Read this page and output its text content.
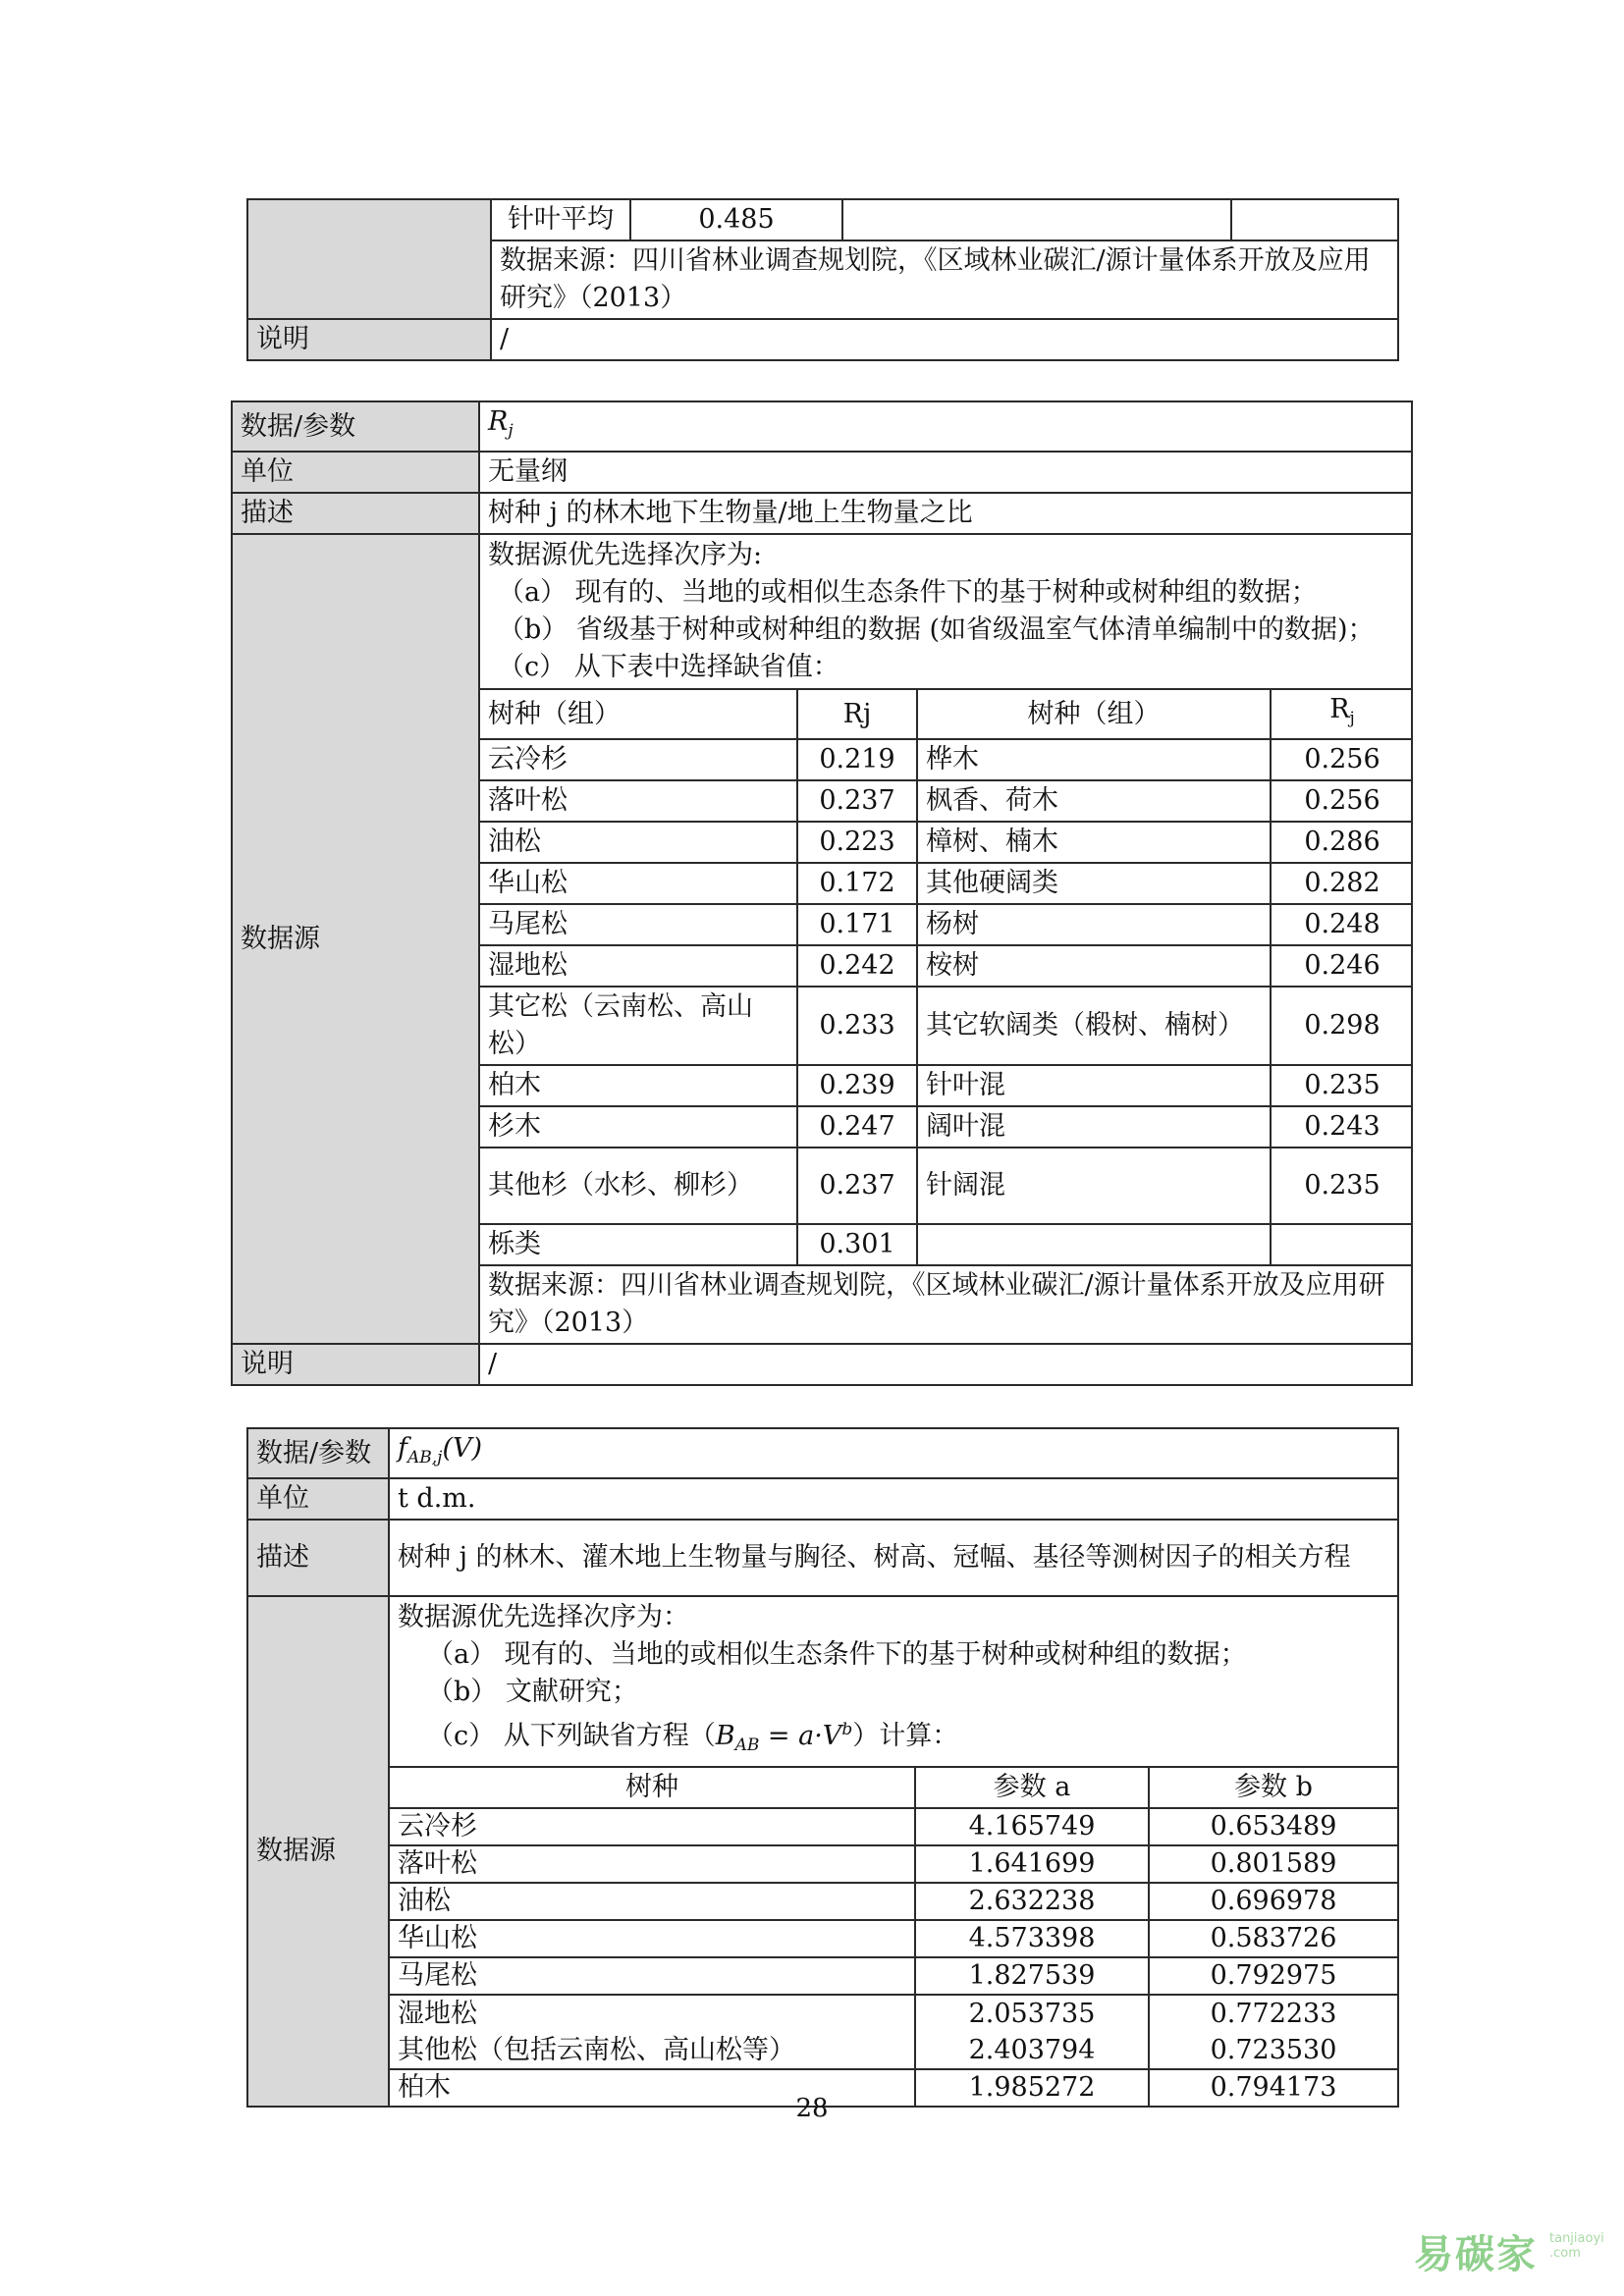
	针叶平均	0.485		
	数据来源：四川省林业调查规划院，《区域林业碳汇/源计量体系开放及应用研究》（2013）			
说明	/			
数据/参数	$R_j$
单位	无量纲
描述	树种 j 的林木地下生物量/地上生物量之比
数据源	
数据源优先选择次序为:
（a） 现有的、当地的或相似生态条件下的基于树种或树种组的数据；
（b） 省级基于树种或树种组的数据 (如省级温室气体清单编制中的数据)；
（c） 从下表中选择缺省值：
树种（组）	Rj	树种（组）	$R_j$
云冷杉	0.219	桦木	0.256
落叶松	0.237	枫香、荷木	0.256
油松	0.223	樟树、楠木	0.286
华山松	0.172	其他硬阔类	0.282
马尾松	0.171	杨树	0.248
湿地松	0.242	桉树	0.246
其它松（云南松、高山松）	0.233	其它软阔类（椴树、楠树）	0.298
柏木	0.239	针叶混	0.235
杉木	0.247	阔叶混	0.243
其他杉（水杉、柳杉）	0.237	针阔混	0.235
栎类	0.301		
数据来源：四川省林业调查规划院，《区域林业碳汇/源计量体系开放及应用研究》（2013）

说明	/
数据/参数	$f_{AB,j}(V)$
单位	t d.m.
描述	树种 j 的林木、灌木地上生物量与胸径、树高、冠幅、基径等测树因子的相关方程
数据源	
数据源优先选择次序为：
（a） 现有的、当地的或相似生态条件下的基于树种或树种组的数据；
（b） 文献研究；
（c） 从下列缺省方程$(B_{AB} = a\cdot V^b)$计算：
树种	参数 a	参数 b
云冷杉	4.165749	0.653489
落叶松	1.641699	0.801589
油松	2.632238	0.696978
华山松	4.573398	0.583726
马尾松	1.827539	0.792975
湿地松	2.053735	0.772233
其他松（包括云南松、高山松等）	2.403794	0.723530
柏木	1.985272	0.794173
28
易碳家 tanjiaoyi .com
